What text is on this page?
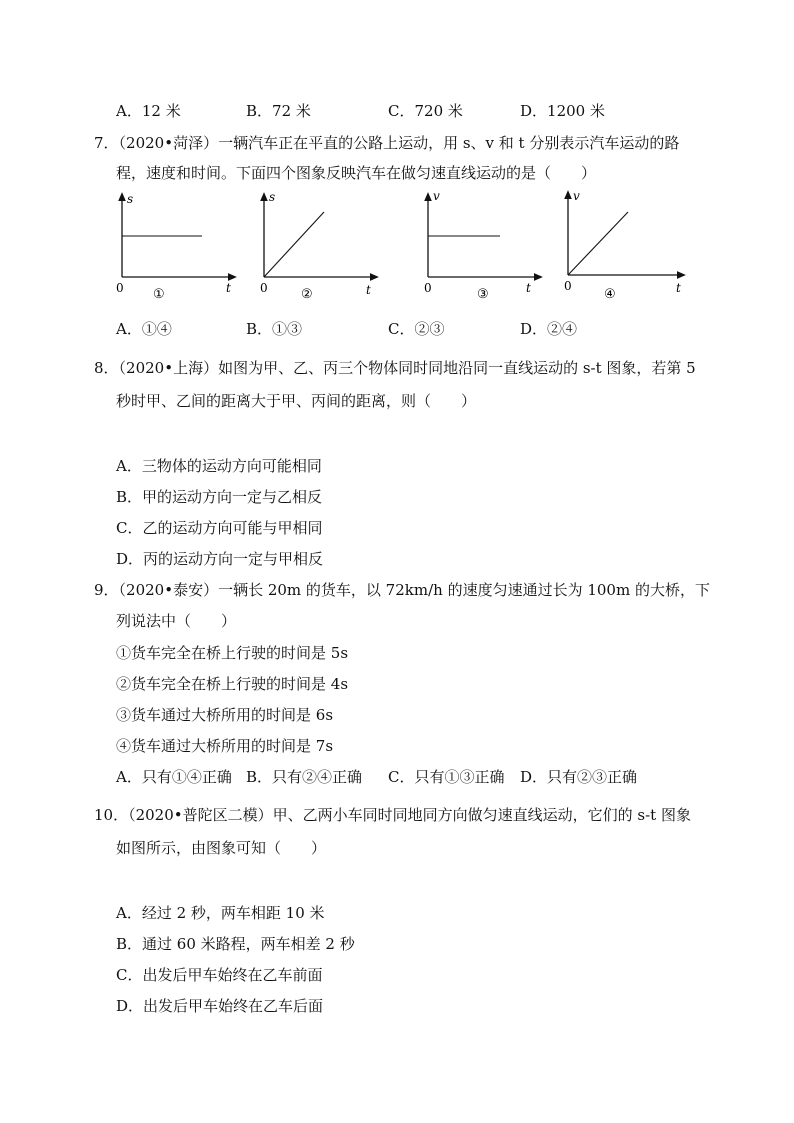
A．12 米	B．72 米	C．720 米	D．1200 米
7．（2020•菏泽）一辆汽车正在平直的公路上运动，用 s、v 和 t 分别表示汽车运动的路
程，速度和时间。下面四个图象反映汽车在做匀速直线运动的是（　　）
s
t
0 ①
s
t
0	②
v
t
0	③
v
t
0
④
A．①④	B．①③	C．②③	D．②④
8．（2020•上海）如图为甲、乙、丙三个物体同时同地沿同一直线运动的 s-t 图象，若第 5
秒时甲、乙间的距离大于甲、丙间的距离，则（　　）
A．三物体的运动方向可能相同
B．甲的运动方向一定与乙相反
C．乙的运动方向可能与甲相同
D．丙的运动方向一定与甲相反
9．（2020•泰安）一辆长 20m 的货车，以 72km/h 的速度匀速通过长为 100m 的大桥，下
列说法中（　　）
①货车完全在桥上行驶的时间是 5s
②货车完全在桥上行驶的时间是 4s
③货车通过大桥所用的时间是 6s
④货车通过大桥所用的时间是 7s
A．只有①④正确 B．只有②④正确 C．只有①③正确 D．只有②③正确
10．（2020•普陀区二模）甲、乙两小车同时同地同方向做匀速直线运动，它们的 s-t 图象
如图所示，由图象可知（　　）
A．经过 2 秒，两车相距 10 米
B．通过 60 米路程，两车相差 2 秒
C．出发后甲车始终在乙车前面
D．出发后甲车始终在乙车后面
